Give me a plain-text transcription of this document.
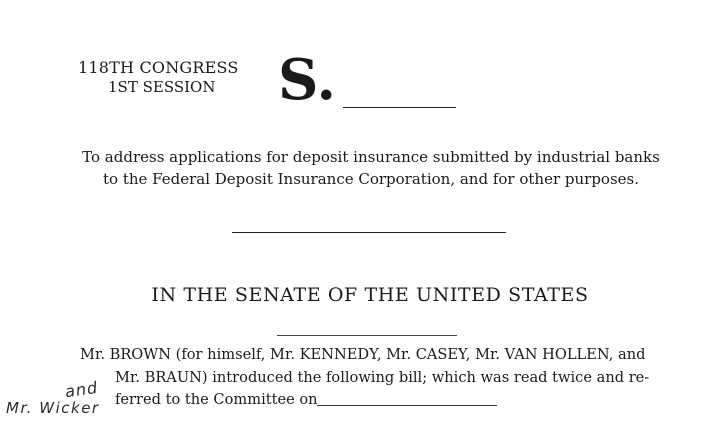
118TH CONGRESS
1ST SESSION S.
To address applications for deposit insurance submitted by industrial banks
to the Federal Deposit Insurance Corporation, and for other purposes.
IN THE SENATE OF THE UNITED STATES
Mr. BROWN (for himself, Mr. KENNEDY, Mr. CASEY, Mr. VAN HOLLEN, and
Mr. BRAUN) introduced the following bill; which was read twice and re-
ferred to the Committee on
and
Mr. Wicker
